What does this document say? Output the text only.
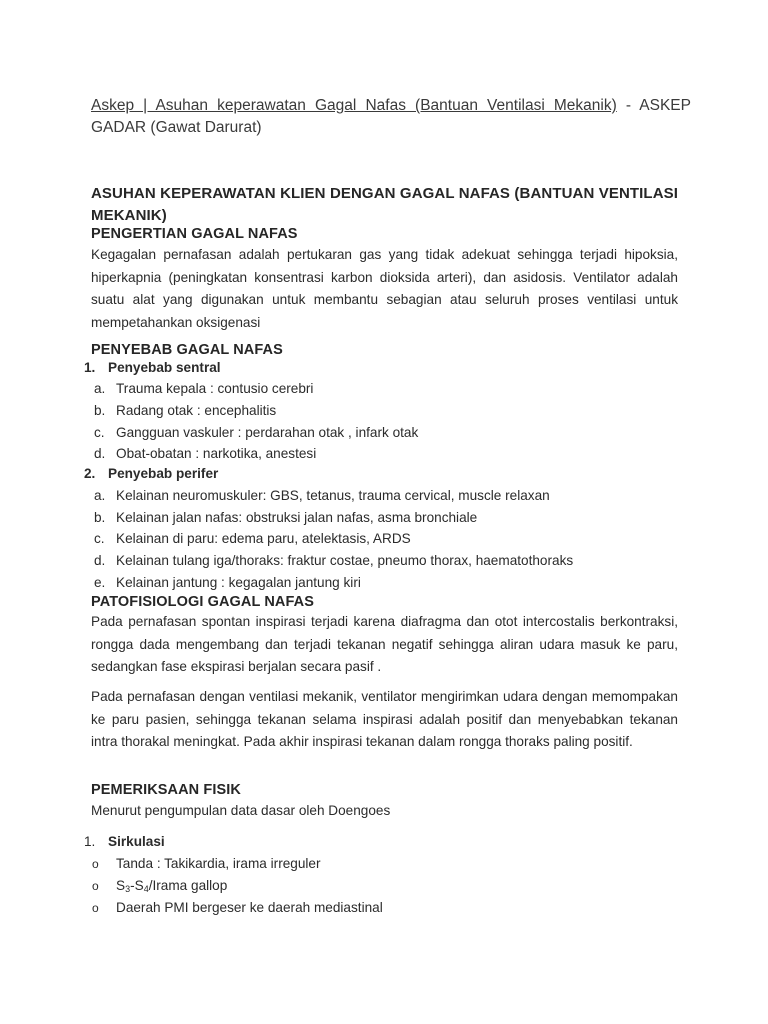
Askep | Asuhan keperawatan Gagal Nafas (Bantuan Ventilasi Mekanik) - ASKEP GADAR (Gawat Darurat)
ASUHAN KEPERAWATAN KLIEN DENGAN GAGAL NAFAS (BANTUAN VENTILASI MEKANIK)
PENGERTIAN GAGAL NAFAS
Kegagalan pernafasan adalah pertukaran gas yang tidak adekuat sehingga terjadi hipoksia, hiperkapnia (peningkatan konsentrasi karbon dioksida arteri), dan asidosis. Ventilator adalah suatu alat yang digunakan untuk membantu sebagian atau seluruh proses ventilasi untuk mempetahankan oksigenasi
PENYEBAB GAGAL NAFAS
1. Penyebab sentral
a. Trauma kepala : contusio cerebri
b. Radang otak : encephalitis
c. Gangguan vaskuler : perdarahan otak , infark otak
d. Obat-obatan : narkotika, anestesi
2. Penyebab perifer
a. Kelainan neuromuskuler: GBS, tetanus, trauma cervical, muscle relaxan
b. Kelainan jalan nafas: obstruksi jalan nafas, asma bronchiale
c. Kelainan di paru: edema paru, atelektasis, ARDS
d. Kelainan tulang iga/thoraks: fraktur costae, pneumo thorax, haematothoraks
e. Kelainan jantung : kegagalan jantung kiri
PATOFISIOLOGI GAGAL NAFAS
Pada pernafasan spontan inspirasi terjadi karena diafragma dan otot intercostalis berkontraksi, rongga dada mengembang dan terjadi tekanan negatif sehingga aliran udara masuk ke paru, sedangkan fase ekspirasi berjalan secara pasif .
Pada pernafasan dengan ventilasi mekanik, ventilator mengirimkan udara dengan memompakan ke paru pasien, sehingga tekanan selama inspirasi adalah positif dan menyebabkan tekanan intra thorakal meningkat. Pada akhir inspirasi tekanan dalam rongga thoraks paling positif.
PEMERIKSAAN FISIK
Menurut pengumpulan data dasar oleh Doengoes
1. Sirkulasi
o Tanda : Takikardia, irama irreguler
o $S_3-S_4$/Irama gallop
o Daerah PMI bergeser ke daerah mediastinal
